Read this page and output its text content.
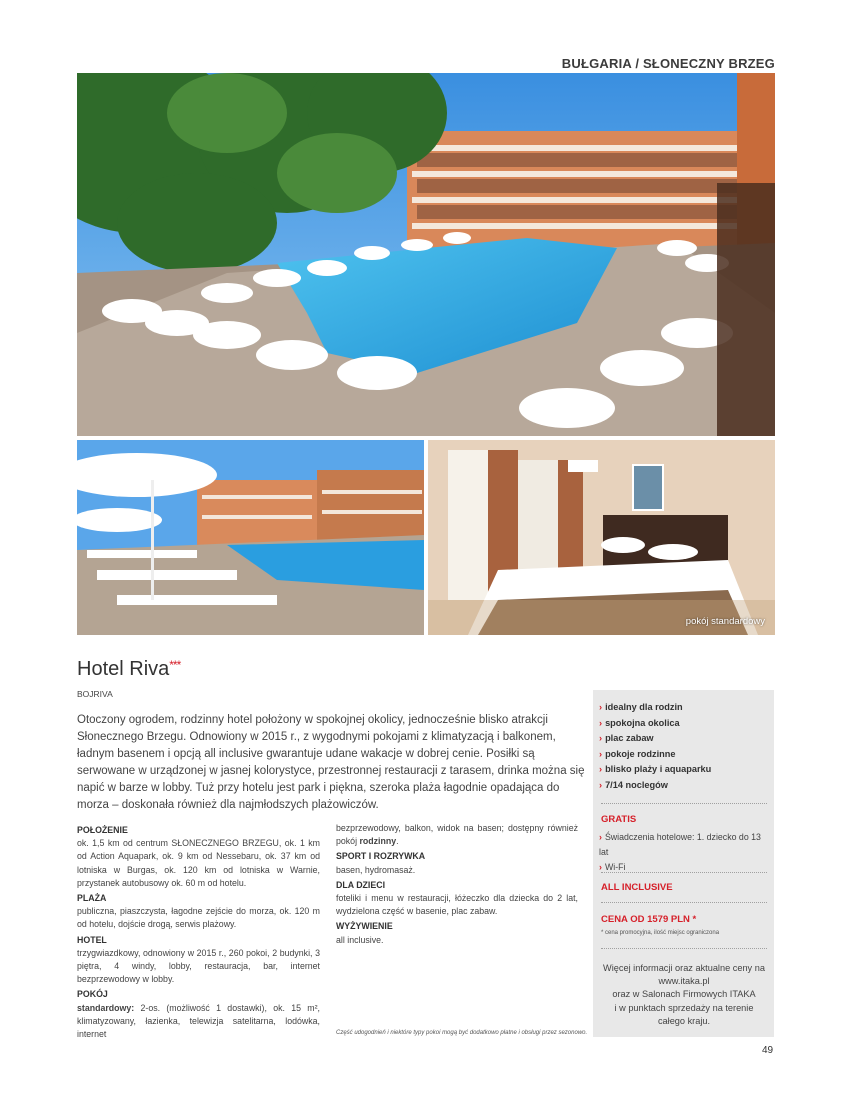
BUŁGARIA / SŁONECZNY BRZEG
pokój standardowy
Hotel Riva***
BOJRIVA
Otoczony ogrodem, rodzinny hotel położony w spokojnej okolicy, jednocześnie blisko atrakcji Słonecznego Brzegu. Odnowiony w 2015 r., z wygodnymi pokojami z klimatyzacją i balkonem, ładnym basenem i opcją all inclusive gwarantuje udane wakacje w dobrej cenie. Posiłki są serwowane w urządzonej w jasnej kolorystyce, przestronnej restauracji z tarasem, drinka można się napić w barze w lobby. Tuż przy hotelu jest park i piękna, szeroka plaża łagodnie opadająca do morza – doskonała również dla najmłodszych plażowiczów.
POŁOŻENIE

ok. 1,5 km od centrum SŁONECZNEGO BRZEGU, ok. 1 km od Action Aquapark, ok. 9 km od Nessebaru, ok. 37 km od lotniska w Burgas, ok. 120 km od lotniska w Warnie, przystanek autobusowy ok. 60 m od hotelu.

PLAŻA

publiczna, piaszczysta, łagodne zejście do morza, ok. 120 m od hotelu, dojście drogą, serwis plażowy.

HOTEL

trzygwiazdkowy, odnowiony w 2015 r., 260 pokoi, 2 budynki, 3 piętra, 4 windy, lobby, restauracja, bar, internet bezprzewodowy w lobby.

POKÓJ

standardowy: 2-os. (możliwość 1 dostawki), ok. 15 m², klimatyzowany, łazienka, telewizja satelitarna, lodówka, internet

bezprzewodowy, balkon, widok na basen; dostępny również pokój rodzinny.

SPORT I ROZRYWKA

basen, hydromasaż.

DLA DZIECI

foteliki i menu w restauracji, łóżeczko dla dziecka do 2 lat, wydzielona część w basenie, plac zabaw.

WYŻYWIENIE

all inclusive.

Część udogodnień i niektóre typy pokoi mogą być dodatkowo płatne i obsługi przez sezonowo.
› idealny dla rodzin
› spokojna okolica
› plac zabaw
› pokoje rodzinne
› blisko plaży i aquaparku
› 7/14 noclegów
GRATIS
› Świadczenia hotelowe: 1. dziecko do 13 lat
› Wi-Fi
ALL INCLUSIVE
CENA OD 1579 PLN *
* cena promocyjna, ilość miejsc ograniczona
Więcej informacji oraz aktualne ceny na
www.itaka.pl
oraz w Salonach Firmowych ITAKA
i w punktach sprzedaży na terenie
całego kraju.
49
